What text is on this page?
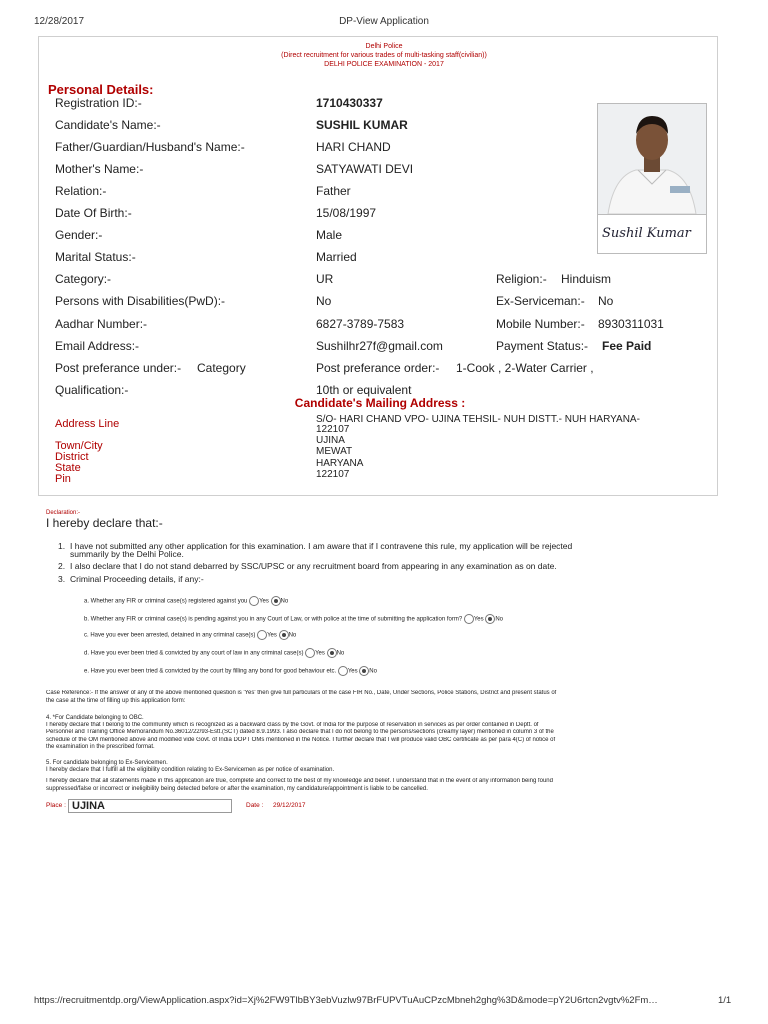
12/28/2017	DP-View Application
https://recruitmentdp.org/ViewApplication.aspx?id=Xj%2FW9TlbBY3ebVuzlw97BrFUPVTuAuCPzcMbneh2ghg%3D&mode=pY2U6rtcn2vgtv%2Fm…	1/1
Delhi Police
(Direct recruitment for various trades of multi-tasking staff(civilian))
DELHI POLICE EXAMINATION - 2017
Personal Details:
Sushil Kumar
Registration ID:-	1710430337
Candidate's Name:-	SUSHIL KUMAR
Father/Guardian/Husband's Name:-	HARI CHAND
Mother's Name:-	SATYAWATI DEVI
Relation:-	Father
Date Of Birth:-	15/08/1997
Gender:-	Male
Marital Status:-	Married
Category:-	UR	Religion:- Hinduism
Persons with Disabilities(PwD):-	No	Ex-Serviceman:- No
Aadhar Number:-	6827-3789-7583	Mobile Number:- 8930311031
Email Address:-	Sushilhr27f@gmail.com	Payment Status:- Fee Paid
Post preferance under:- Category	Post preferance order:- 1-Cook , 2-Water Carrier ,
Qualification:-	10th or equivalent
Candidate's Mailing Address :
Address Line	S/O- HARI CHAND VPO- UJINA TEHSIL- NUH DISTT.- NUH HARYANA-
122107
Town/City	UJINA
District	MEWAT
State	HARYANA
Pin	122107
Declaration:-
I hereby declare that:-
1. I have not submitted any other application for this examination. I am aware that if I contravene this rule, my application will be rejected
summarily by the Delhi Police.
2. I also declare that I do not stand debarred by SSC/UPSC or any recruitment board from appearing in any examination as on date.
3. Criminal Proceeding details, if any:-
a. Whether any FIR or criminal case(s) registered against you Yes No
b. Whether any FIR or criminal case(s) is pending against you in any Court of Law, or with police at the time of submitting the application form? Yes No
c. Have you ever been arrested, detained in any criminal case(s) Yes No
d. Have you ever been tried & convicted by any court of law in any criminal case(s) Yes No
e. Have you ever been tried & convicted by the court by filling any bond for good behaviour etc. Yes No
Case Reference:- If the answer of any of the above mentioned question is 'Yes' then give full particulars of the case FIR No., Date, Under Sections, Police Stations, District and present status of
the case at the time of filling up this application form:
4. *For Candidate belonging to OBC.
I hereby declare that I belong to the community which is recognized as a backward class by the Govt. of India for the purpose of reservation in services as per order contained in Deptt. of
Personnel and Training Office Memorandum No.36012/22/93-Estt.(SCT) dated 8.9.1993. I also declare that I do not belong to the persons/sections (creamy layer) mentioned in column 3 of the
schedule of the OM mentioned above and modified vide Govt. of India DOPT OMs mentioned in the Notice. I further declare that I will produce valid OBC certificate as per para 4(C) of notice of
the examination in the prescribed format.
5. For candidate belonging to Ex-Servicemen.
I hereby declare that I fulfill all the eligibility condition relating to Ex-Servicemen as per notice of examination.
I hereby declare that all statements made in this application are true, complete and correct to the best of my knowledge and belief. I understand that in the event of any information being found
suppressed/false or incorrect or ineligibility being detected before or after the examination, my candidature/appointment is liable to be cancelled.
Place : UJINA	Date : 29/12/2017
